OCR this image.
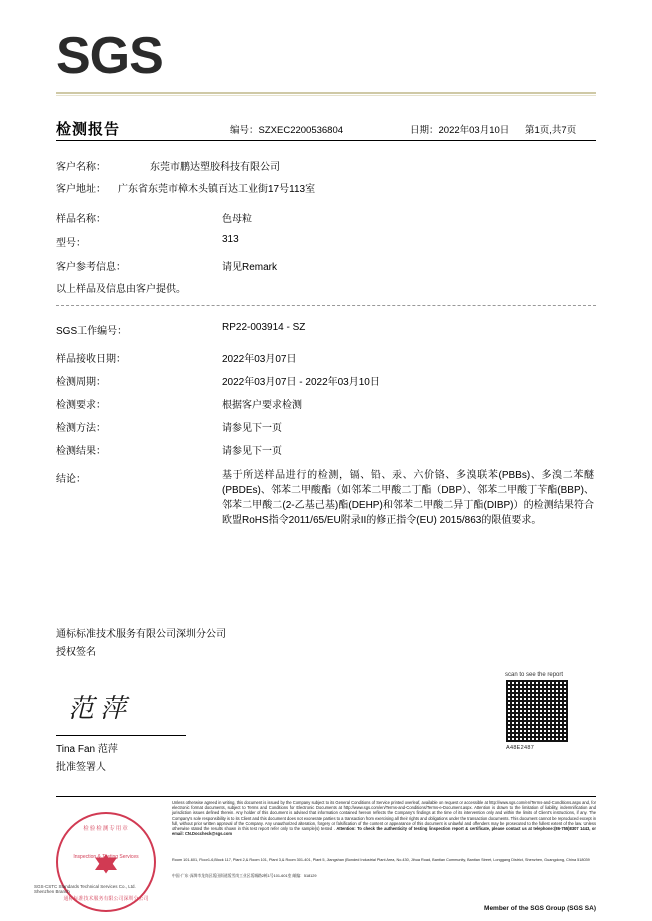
SGS
检测报告	编号：SZXEC2200536804	日期：2022年03月10日 第1页,共7页
客户名称：	东莞市鹏达塑胶科技有限公司
客户地址： 广东省东莞市樟木头镇百达工业街17号113室
样品名称：	色母粒
型号：	313
客户参考信息：	请见Remark
以上样品及信息由客户提供。
SGS工作编号：	RP22-003914 - SZ
样品接收日期：	2022年03月07日
检测周期：	2022年03月07日 - 2022年03月10日
检测要求：	根据客户要求检测
检测方法：	请参见下一页
检测结果：	请参见下一页
结论：	基于所送样品进行的检测，镉、铅、汞、六价铬、多溴联苯(PBBs)、多溴二苯醚(PBDEs)、邻苯二甲酸酯（如邻苯二甲酸二丁酯（DBP）、邻苯二甲酸丁苄酯(BBP)、邻苯二甲酸二(2-乙基己基)酯(DEHP)和邻苯二甲酸二异丁酯(DIBP)）的检测结果符合欧盟RoHS指令2011/65/EU附录II的修正指令(EU) 2015/863的限值要求。
通标标准技术服务有限公司深圳分公司
授权签名
范萍
Tina Fan 范萍
批准签署人
scan to see the report
A48E2487
Unless otherwise agreed in writing, this document is issued by the Company subject to its General Conditions of Service printed overleaf, available on request or accessible at http://www.sgs.com/en/Terms-and-Conditions.aspx and, for electronic format documents, subject to Terms and Conditions for Electronic Documents at http://www.sgs.com/en/Terms-and-Conditions/Terms-e-Document.aspx. Attention is drawn to the limitation of liability, indemnification and jurisdiction issues defined therein. Any holder of this document is advised that information contained hereon reflects the Company's findings at the time of its intervention only and within the limits of Client's instructions, if any. The Company's sole responsibility is to its Client and this document does not exonerate parties to a transaction from exercising all their rights and obligations under the transaction documents. This document cannot be reproduced except in full, without prior written approval of the Company. Any unauthorized alteration, forgery or falsification of the content or appearance of this document is unlawful and offenders may be prosecuted to the fullest extent of the law. Unless otherwise stated the results shown in this test report refer only to the sample(s) tested . Attention: To check the authenticity of testing /inspection report & certificate, please contact us at telephone:(86-755)8307 1443, or email: CN.Doccheck@sgs.com
Room 101-601, Floor1-6,Block 117, Plant 2,& Room 101, Plant 3,& Room 301-401, Plant 5, Jiangshan (Bonded Industrial Plant Area, No.430, Jihua Road, Bantian Community, Bantian Street, Longgang District, Shenzhen, Guangdong, China 518039
中国·广东·深圳市龙岗区坂田街道坂雪岗工业区坂城路2栋1号101-601室 邮编：518129
Member of the SGS Group (SGS SA)
检验检测专用章
Inspection & Testing Services
通标标准技术服务有限公司深圳分公司
SGS-CSTC Standards Technical Services Co., Ltd. Shenzhen Branch
